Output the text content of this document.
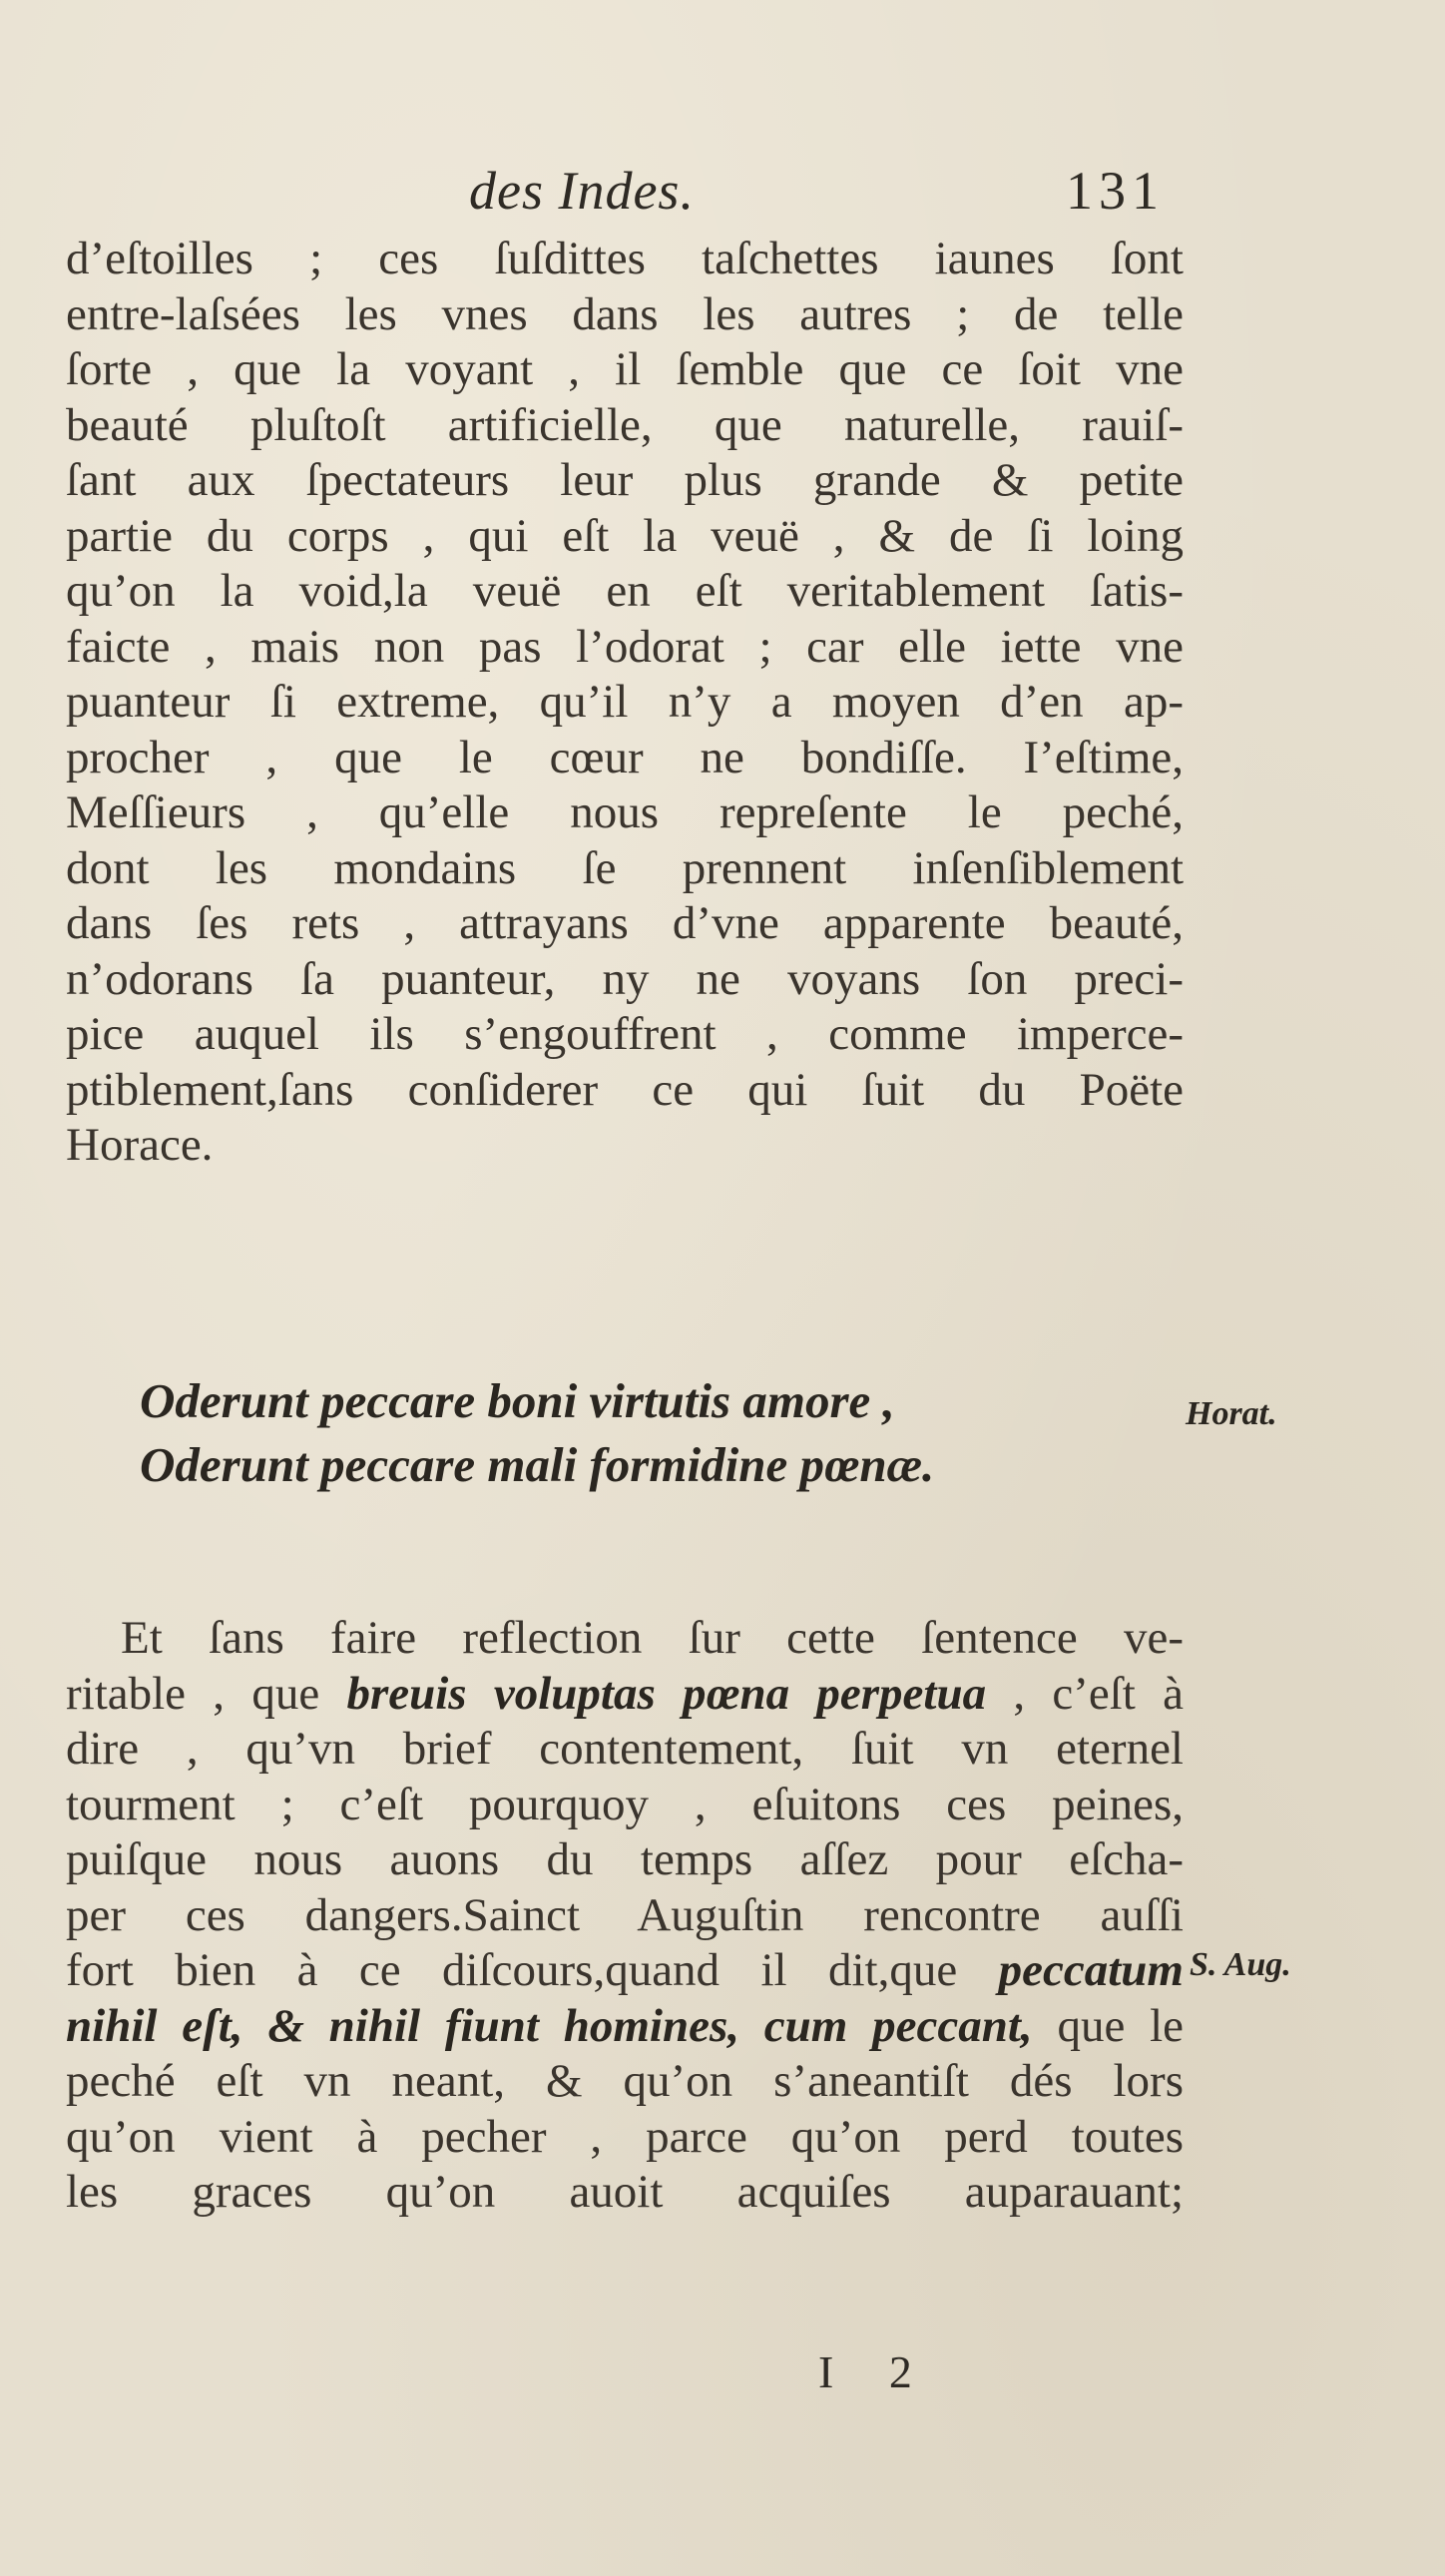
des Indes.	131
d’eſtoilles ; ces ſuſdittes taſchettes iaunes ſont
entre-laſsées les vnes dans les autres ; de telle
ſorte , que la voyant , il ſemble que ce ſoit vne
beauté pluſtoſt artificielle, que naturelle, rauiſ-
ſant aux ſpectateurs leur plus grande & petite
partie du corps , qui eſt la veuë , & de ſi loing
qu’on la void,la veuë en eſt veritablement ſatis-
faicte , mais non pas l’odorat ; car elle iette vne
puanteur ſi extreme, qu’il n’y a moyen d’en ap-
procher , que le cœur ne bondiſſe. I’eſtime,
Meſſieurs , qu’elle nous repreſente le peché,
dont les mondains ſe prennent inſenſiblement
dans ſes rets , attrayans d’vne apparente beauté,
n’odorans ſa puanteur, ny ne voyans ſon preci-
pice auquel ils s’engouffrent , comme imperce-
ptiblement,ſans conſiderer ce qui ſuit du Poëte
Horace.
Oderunt peccare boni virtutis amore ,
Oderunt peccare mali formidine pœnæ.
Horat.
Et ſans faire reflection ſur cette ſentence ve-
ritable , que breuis voluptas pœna perpetua , c’eſt à
dire , qu’vn brief contentement, ſuit vn eternel
tourment ; c’eſt pourquoy , eſuitons ces peines,
puiſque nous auons du temps aſſez pour eſcha-
per ces dangers.Sainct Auguſtin rencontre auſſi
fort bien à ce diſcours,quand il dit,que peccatum
nihil eſt, & nihil fiunt homines, cum peccant, que le
peché eſt vn neant, & qu’on s’aneantiſt dés lors
qu’on vient à pecher , parce qu’on perd toutes
les graces qu’on auoit acquiſes auparauant;
S. Aug.
I 2
